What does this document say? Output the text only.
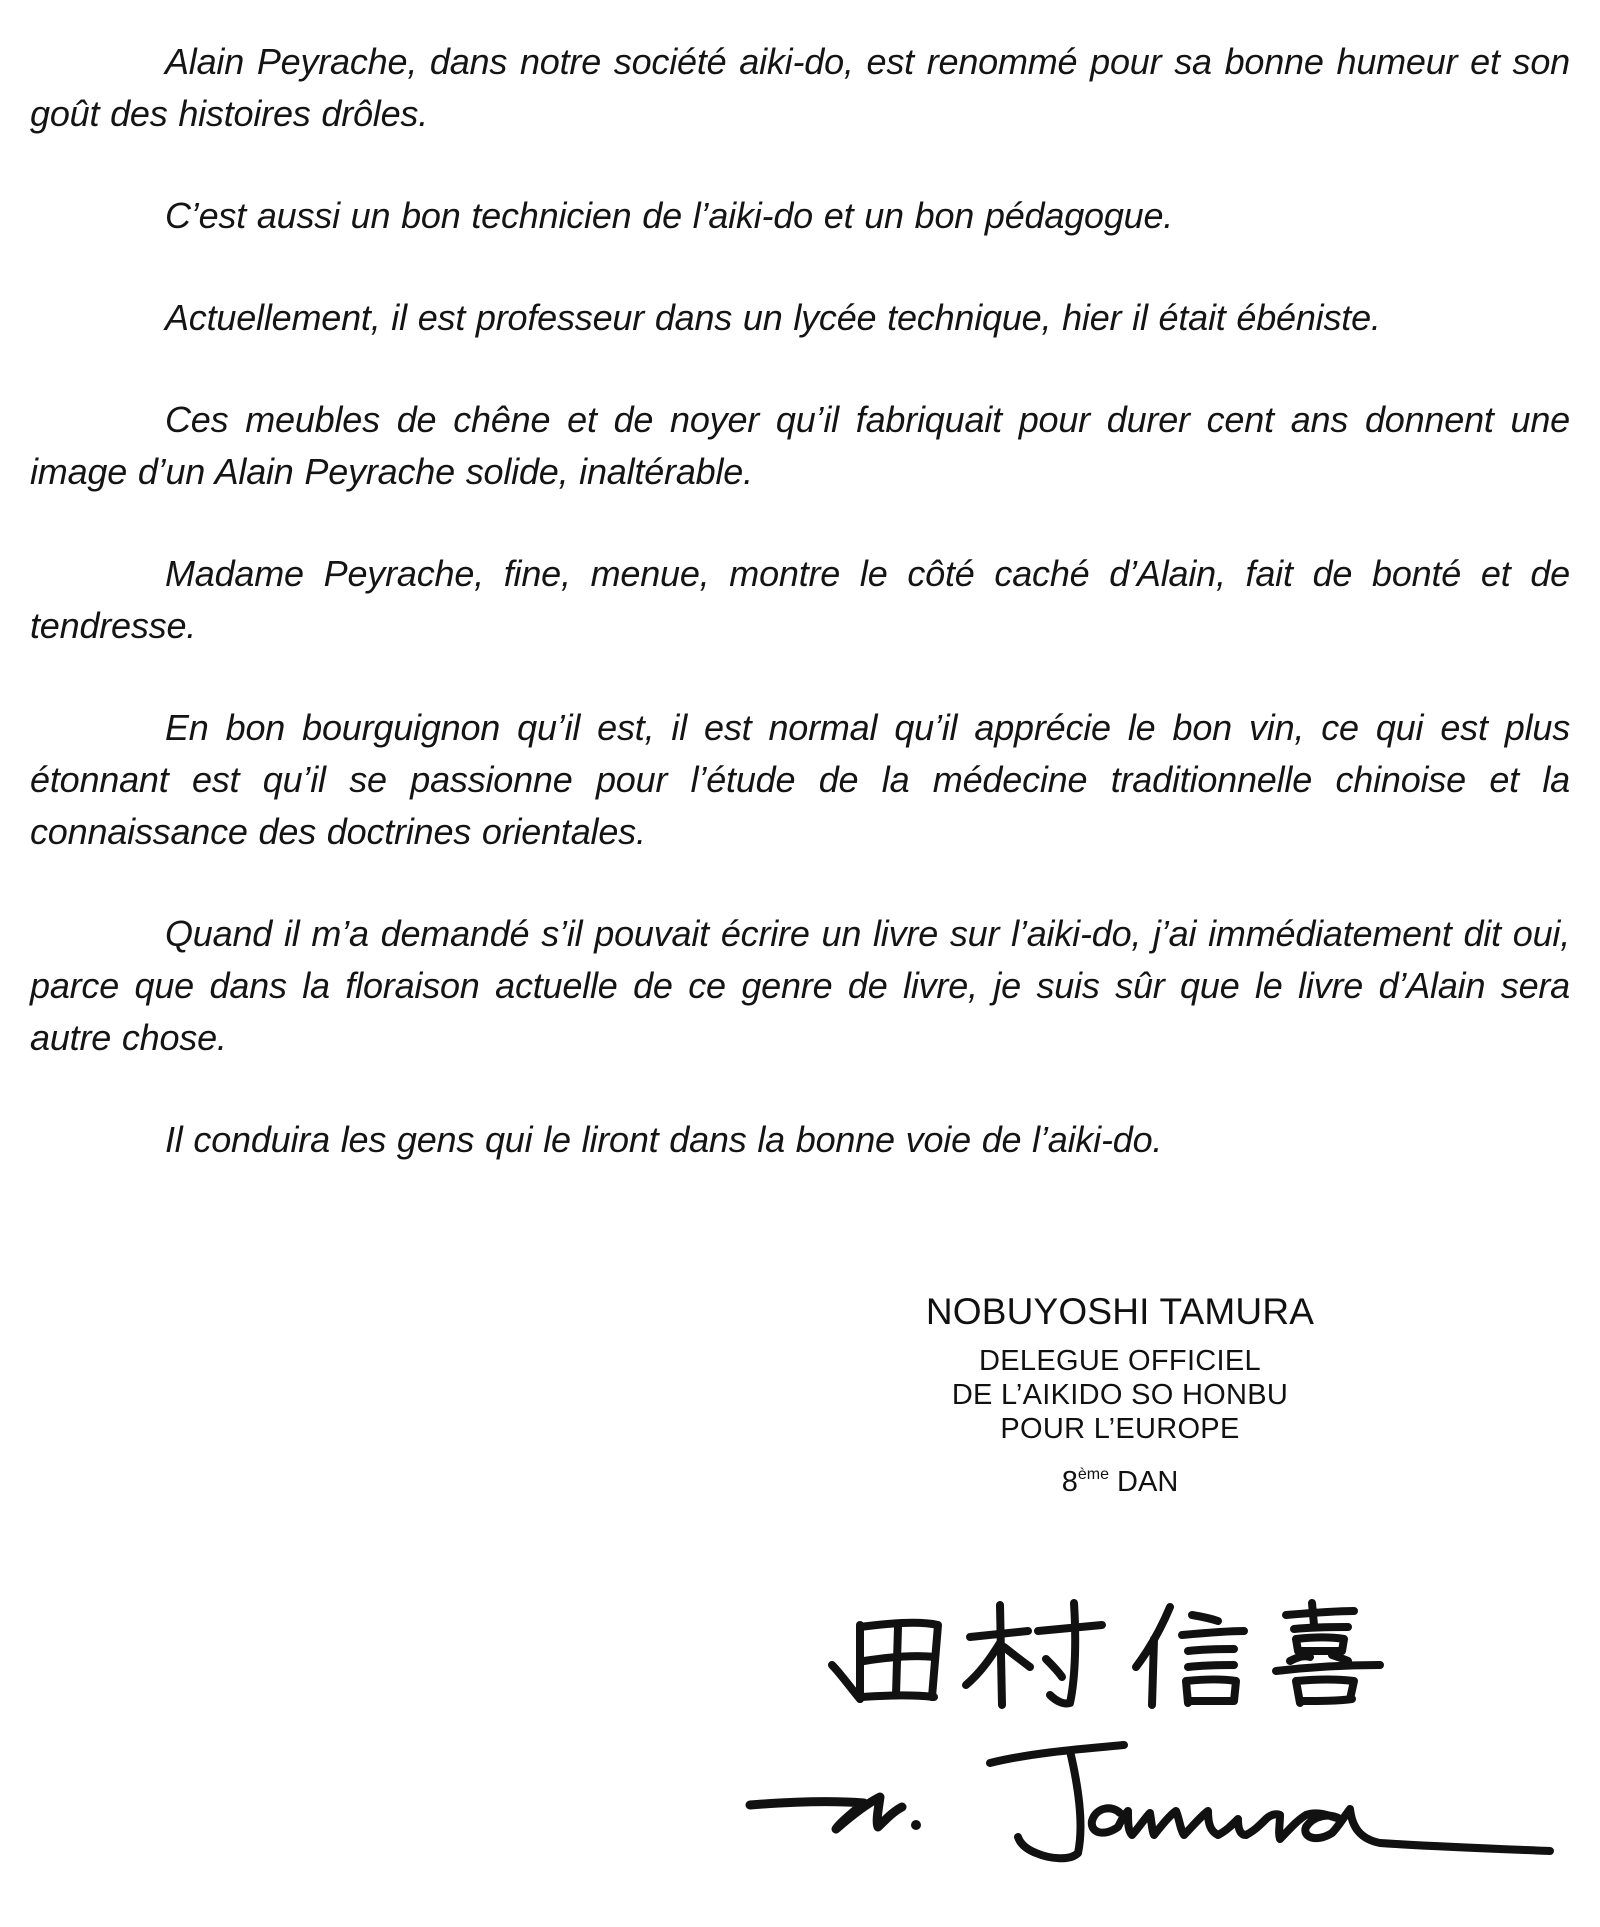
Alain Peyrache, dans notre société aiki-do, est renommé pour sa bonne humeur et son goût des histoires drôles.

C’est aussi un bon technicien de l’aiki-do et un bon pédagogue.

Actuellement, il est professeur dans un lycée technique, hier il était ébéniste.

Ces meubles de chêne et de noyer qu’il fabriquait pour durer cent ans donnent une image d’un Alain Peyrache solide, inaltérable.

Madame Peyrache, fine, menue, montre le côté caché d’Alain, fait de bonté et de tendresse.

En bon bourguignon qu’il est, il est normal qu’il apprécie le bon vin, ce qui est plus étonnant est qu’il se passionne pour l’étude de la médecine traditionnelle chinoise et la connaissance des doctrines orientales.

Quand il m’a demandé s’il pouvait écrire un livre sur l’aiki-do, j’ai immédiatement dit oui, parce que dans la floraison actuelle de ce genre de livre, je suis sûr que le livre d’Alain sera autre chose.

Il conduira les gens qui le liront dans la bonne voie de l’aiki-do.

NOBUYOSHI TAMURA
DELEGUE OFFICIEL
DE L’AIKIDO SO HONBU
POUR L’EUROPE
8ème DAN
